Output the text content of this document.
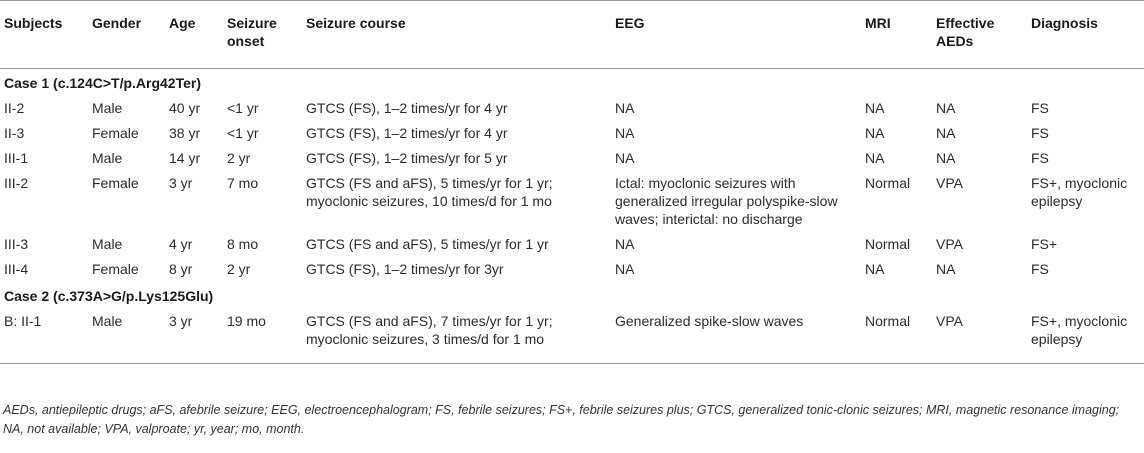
Subjects	Gender	Age	Seizure onset	Seizure course	EEG	MRI	Effective AEDs	Diagnosis
Case 1 (c.124C>T/p.Arg42Ter)								
II-2	Male	40 yr	<1 yr	GTCS (FS), 1–2 times/yr for 4 yr	NA	NA	NA	FS
II-3	Female	38 yr	<1 yr	GTCS (FS), 1–2 times/yr for 4 yr	NA	NA	NA	FS
III-1	Male	14 yr	2 yr	GTCS (FS), 1–2 times/yr for 5 yr	NA	NA	NA	FS
III-2	Female	3 yr	7 mo	GTCS (FS and aFS), 5 times/yr for 1 yr; myoclonic seizures, 10 times/d for 1 mo	Ictal: myoclonic seizures with generalized irregular polyspike-slow waves; interictal: no discharge	Normal	VPA	FS+, myoclonic epilepsy
III-3	Male	4 yr	8 mo	GTCS (FS and aFS), 5 times/yr for 1 yr	NA	Normal	VPA	FS+
III-4	Female	8 yr	2 yr	GTCS (FS), 1–2 times/yr for 3yr	NA	NA	NA	FS
Case 2 (c.373A>G/p.Lys125Glu)								
B: II-1	Male	3 yr	19 mo	GTCS (FS and aFS), 7 times/yr for 1 yr; myoclonic seizures, 3 times/d for 1 mo	Generalized spike-slow waves	Normal	VPA	FS+, myoclonic epilepsy
AEDs, antiepileptic drugs; aFS, afebrile seizure; EEG, electroencephalogram; FS, febrile seizures; FS+, febrile seizures plus; GTCS, generalized tonic-clonic seizures; MRI, magnetic resonance imaging; NA, not available; VPA, valproate; yr, year; mo, month.
